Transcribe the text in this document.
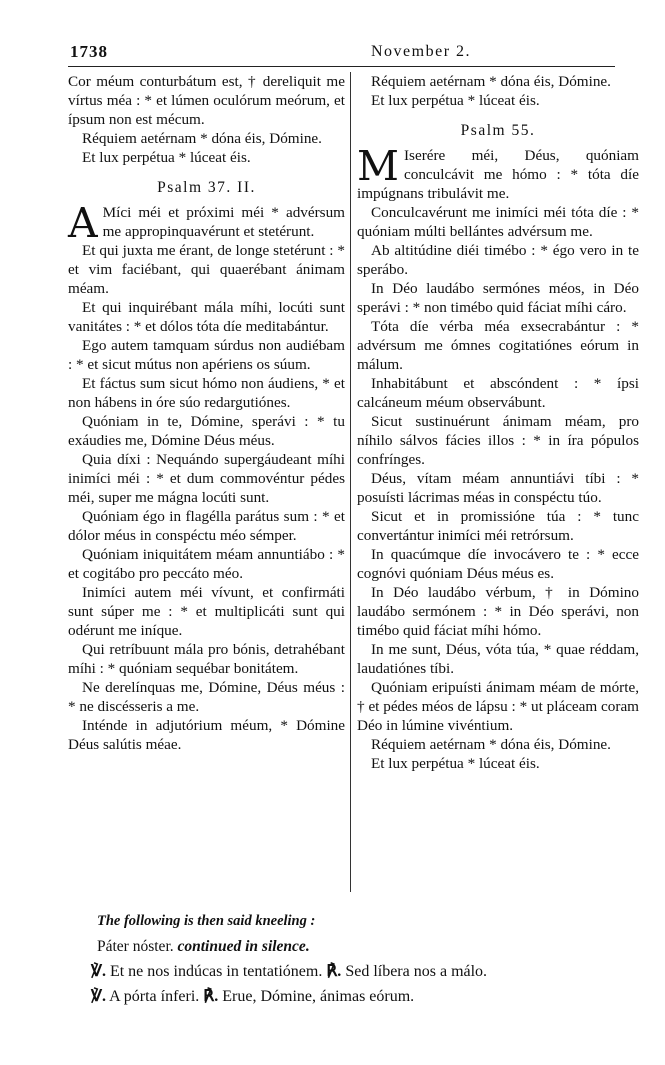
1738	November 2.

Cor méum conturbátum est, † dereliquit me vírtus méa : * et lúmen oculórum meórum, et ípsum non est mécum.

Réquiem aetérnam * dóna éis, Dómine.

Et lux perpétua * lúceat éis.

Psalm 37. II.

A Míci méi et próximi méi * advérsum me appropinquavérunt et stetérunt.

Et qui juxta me érant, de longe stetérunt : * et vim faciébant, qui quaerébant ánimam méam.

Et qui inquirébant mála míhi, locúti sunt vanitátes : * et dólos tóta díe meditabántur.

Ego autem tamquam súrdus non audiébam : * et sicut mútus non apériens os súum.

Et fáctus sum sicut hómo non áudiens, * et non hábens in óre súo redargutiónes.

Quóniam in te, Dómine, sperávi : * tu exáudies me, Dómine Déus méus.

Quia díxi : Nequándo supergáudeant míhi inimíci méi : * et dum commovéntur pédes méi, super me mágna locúti sunt.

Quóniam égo in flagélla parátus sum : * et dólor méus in conspéctu méo sémper.

Quóniam iniquitátem méam annuntiábo : * et cogitábo pro peccáto méo.

Inimíci autem méi vívunt, et confirmáti sunt súper me : * et multiplicáti sunt qui odérunt me iníque.

Qui retríbuunt mála pro bónis, detrahébant míhi : * quóniam sequébar bonitátem.

Ne derelínquas me, Dómine, Déus méus : * ne discésseris a me.

Inténde in adjutórium méum, * Dómine Déus salútis méae.

Réquiem aetérnam * dóna éis, Dómine.

Et lux perpétua * lúceat éis.

Psalm 55.

M Iserére méi, Déus, quóniam conculcávit me hómo : * tóta díe impúgnans tribulávit me.

Conculcavérunt me inimíci méi tóta díe : * quóniam múlti bellántes advérsum me.

Ab altitúdine diéi timébo : * égo vero in te sperábo.

In Déo laudábo sermónes méos, in Déo sperávi : * non timébo quid fáciat míhi cáro.

Tóta díe vérba méa exsecrabántur : * advérsum me ómnes cogitatiónes eórum in málum.

Inhabitábunt et abscóndent : * ípsi calcáneum méum observábunt.

Sicut sustinuérunt ánimam méam, pro níhilo sálvos fácies illos : * in íra pópulos confrínges.

Déus, vítam méam annuntiávi tíbi : * posuísti lácrimas méas in conspéctu túo.

Sicut et in promissióne túa : * tunc convertántur inimíci méi retrórsum.

In quacúmque díe invocávero te : * ecce cognóvi quóniam Déus méus es.

In Déo laudábo vérbum, † in Dómino laudábo sermónem : * in Déo sperávi, non timébo quid fáciat míhi hómo.

In me sunt, Déus, vóta túa, * quae réddam, laudatiónes tíbi.

Quóniam eripuísti ánimam méam de mórte, † et pédes méos de lápsu : * ut pláceam coram Déo in lúmine vivéntium.

Réquiem aetérnam * dóna éis, Dómine.

Et lux perpétua * lúceat éis.

The following is then said kneeling :
Páter nóster. continued in silence.
℣. Et ne nos indúcas in tentatiónem. ℟. Sed líbera nos a málo.
℣. A pórta ínferi. ℟. Erue, Dómine, ánimas eórum.
